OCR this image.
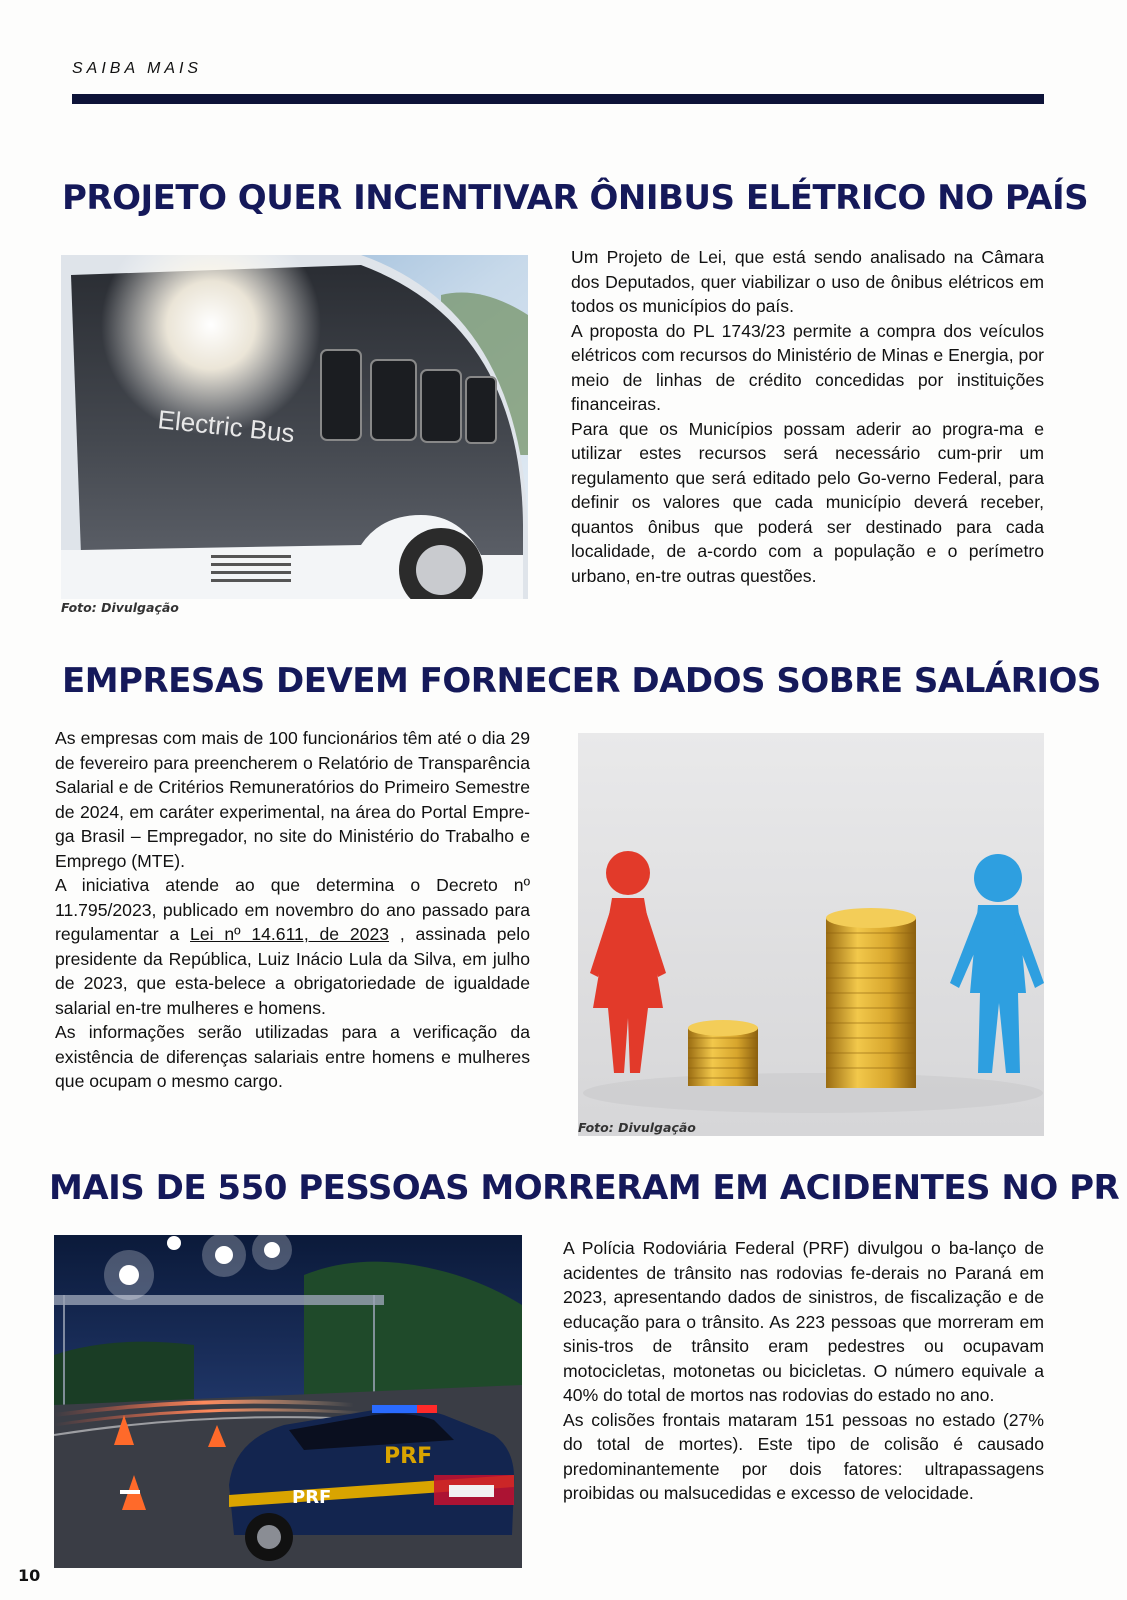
SAIBA MAIS
PROJETO QUER INCENTIVAR ÔNIBUS ELÉTRICO NO PAÍS
Electric Bus
Foto: Divulgação

Um Projeto de Lei, que está sendo analisado na Câmara dos Deputados, quer viabilizar o uso de ônibus elétricos em todos os municípios do país.

A proposta do PL 1743/23 permite a compra dos veículos elétricos com recursos do Ministério de Minas e Energia, por meio de linhas de crédito concedidas por instituições financeiras.

Para que os Municípios possam aderir ao progra-ma e utilizar estes recursos será necessário cum-prir um regulamento que será editado pelo Go-verno Federal, para definir os valores que cada município deverá receber, quantos ônibus que poderá ser destinado para cada localidade, de a-cordo com a população e o perímetro urbano, en-tre outras questões.

EMPRESAS DEVEM FORNECER DADOS SOBRE SALÁRIOS

As empresas com mais de 100 funcionários têm até o dia 29 de fevereiro para preencherem o Relatório de Transparência Salarial e de Critérios Remuneratórios do Primeiro Semestre de 2024, em caráter experimental, na área do Portal Empre-ga Brasil – Empregador, no site do Ministério do Trabalho e Emprego (MTE).

A iniciativa atende ao que determina o Decreto nº 11.795/2023, publicado em novembro do ano passado para regulamentar a Lei nº 14.611, de 2023 , assinada pelo presidente da República, Luiz Inácio Lula da Silva, em julho de 2023, que esta-belece a obrigatoriedade de igualdade salarial en-tre mulheres e homens.

As informações serão utilizadas para a verificação da existência de diferenças salariais entre homens e mulheres que ocupam o mesmo cargo.

Foto: Divulgação
MAIS DE 550 PESSOAS MORRERAM EM ACIDENTES NO PR
PRF
PRF

A Polícia Rodoviária Federal (PRF) divulgou o ba-lanço de acidentes de trânsito nas rodovias fe-derais no Paraná em 2023, apresentando dados de sinistros, de fiscalização e de educação para o trânsito. As 223 pessoas que morreram em sinis-tros de trânsito eram pedestres ou ocupavam motocicletas, motonetas ou bicicletas. O número equivale a 40% do total de mortos nas rodovias do estado no ano.

As colisões frontais mataram 151 pessoas no estado (27% do total de mortes). Este tipo de colisão é causado predominantemente por dois fatores: ultrapassagens proibidas ou malsucedidas e excesso de velocidade.

10
